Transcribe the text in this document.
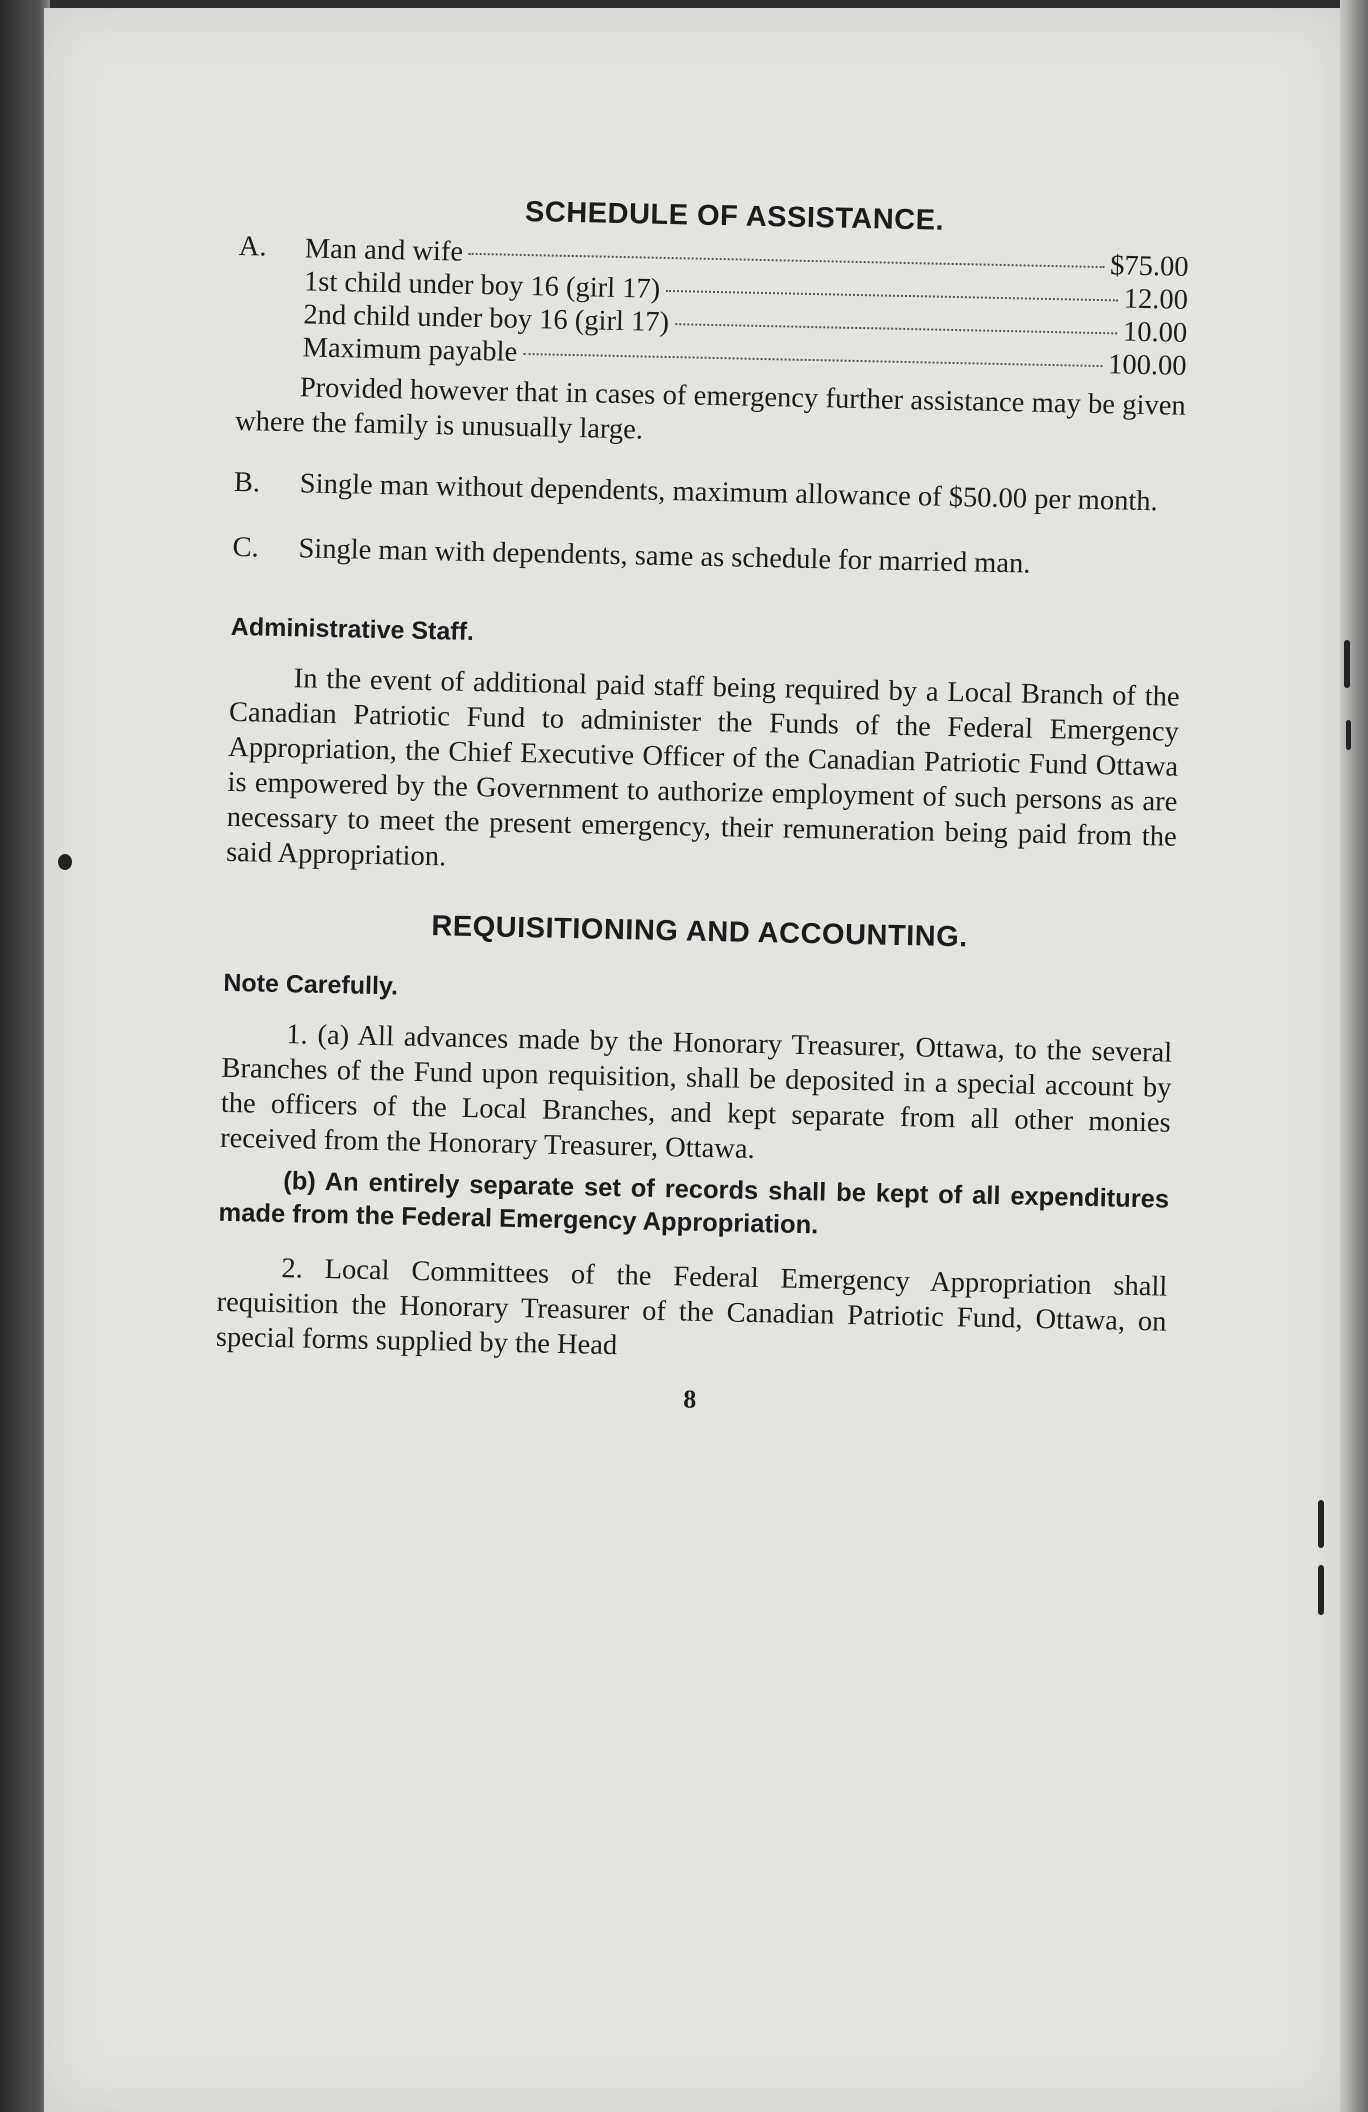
SCHEDULE OF ASSISTANCE.
A. Man and wife	$75.00
1st child under boy 16 (girl 17)	12.00
2nd child under boy 16 (girl 17)	10.00
Maximum payable	100.00

Provided however that in cases of emergency further assistance may be given where the family is unusually large.

B.	Single man without dependents, maximum allowance of $50.00 per month.

C.	Single man with dependents, same as schedule for married man.

Administrative Staff.

In the event of additional paid staff being required by a Local Branch of the Canadian Patriotic Fund to administer the Funds of the Federal Emergency Appropriation, the Chief Executive Officer of the Canadian Patriotic Fund Ottawa is empowered by the Government to authorize employment of such persons as are necessary to meet the present emergency, their remuneration being paid from the said Appropriation.

REQUISITIONING AND ACCOUNTING.
Note Carefully.

1. (a) All advances made by the Honorary Treasurer, Ottawa, to the several Branches of the Fund upon requisition, shall be deposited in a special account by the officers of the Local Branches, and kept separate from all other monies received from the Honorary Treasurer, Ottawa.

(b) An entirely separate set of records shall be kept of all expenditures made from the Federal Emergency Appropriation.

2. Local Committees of the Federal Emergency Appropriation shall requisition the Honorary Treasurer of the Canadian Patriotic Fund, Ottawa, on special forms supplied by the Head

8
